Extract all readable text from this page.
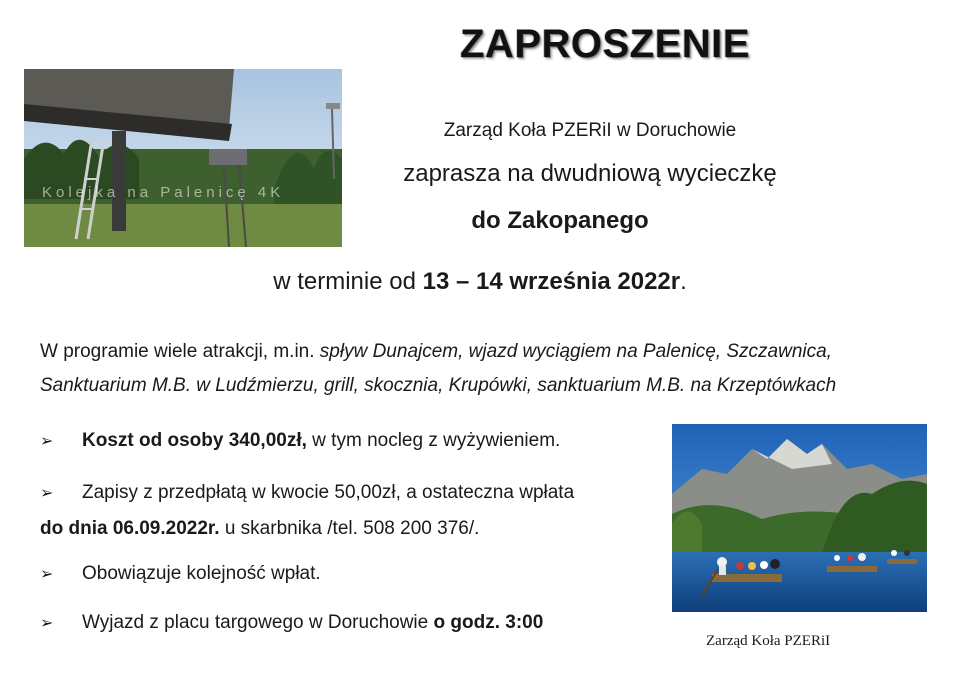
ZAPROSZENIE
Kolejka na Palenicę 4K
Zarząd Koła PZERiI w Doruchowie
zaprasza na dwudniową wycieczkę
do Zakopanego
w terminie od 13 – 14 września 2022r.
W programie wiele atrakcji, m.in. spływ Dunajcem, wjazd wyciągiem na Palenicę, Szczawnica,
Sanktuarium M.B. w Ludźmierzu, grill, skocznia, Krupówki, sanktuarium M.B. na Krzeptówkach
➢ Koszt od osoby 340,00zł, w tym nocleg z wyżywieniem.
➢ Zapisy z przedpłatą w kwocie 50,00zł, a ostateczna wpłata
do dnia 06.09.2022r. u skarbnika /tel. 508 200 376/.
➢ Obowiązuje kolejność wpłat.
➢ Wyjazd z placu targowego w Doruchowie o godz. 3:00
Zarząd Koła PZERiI
